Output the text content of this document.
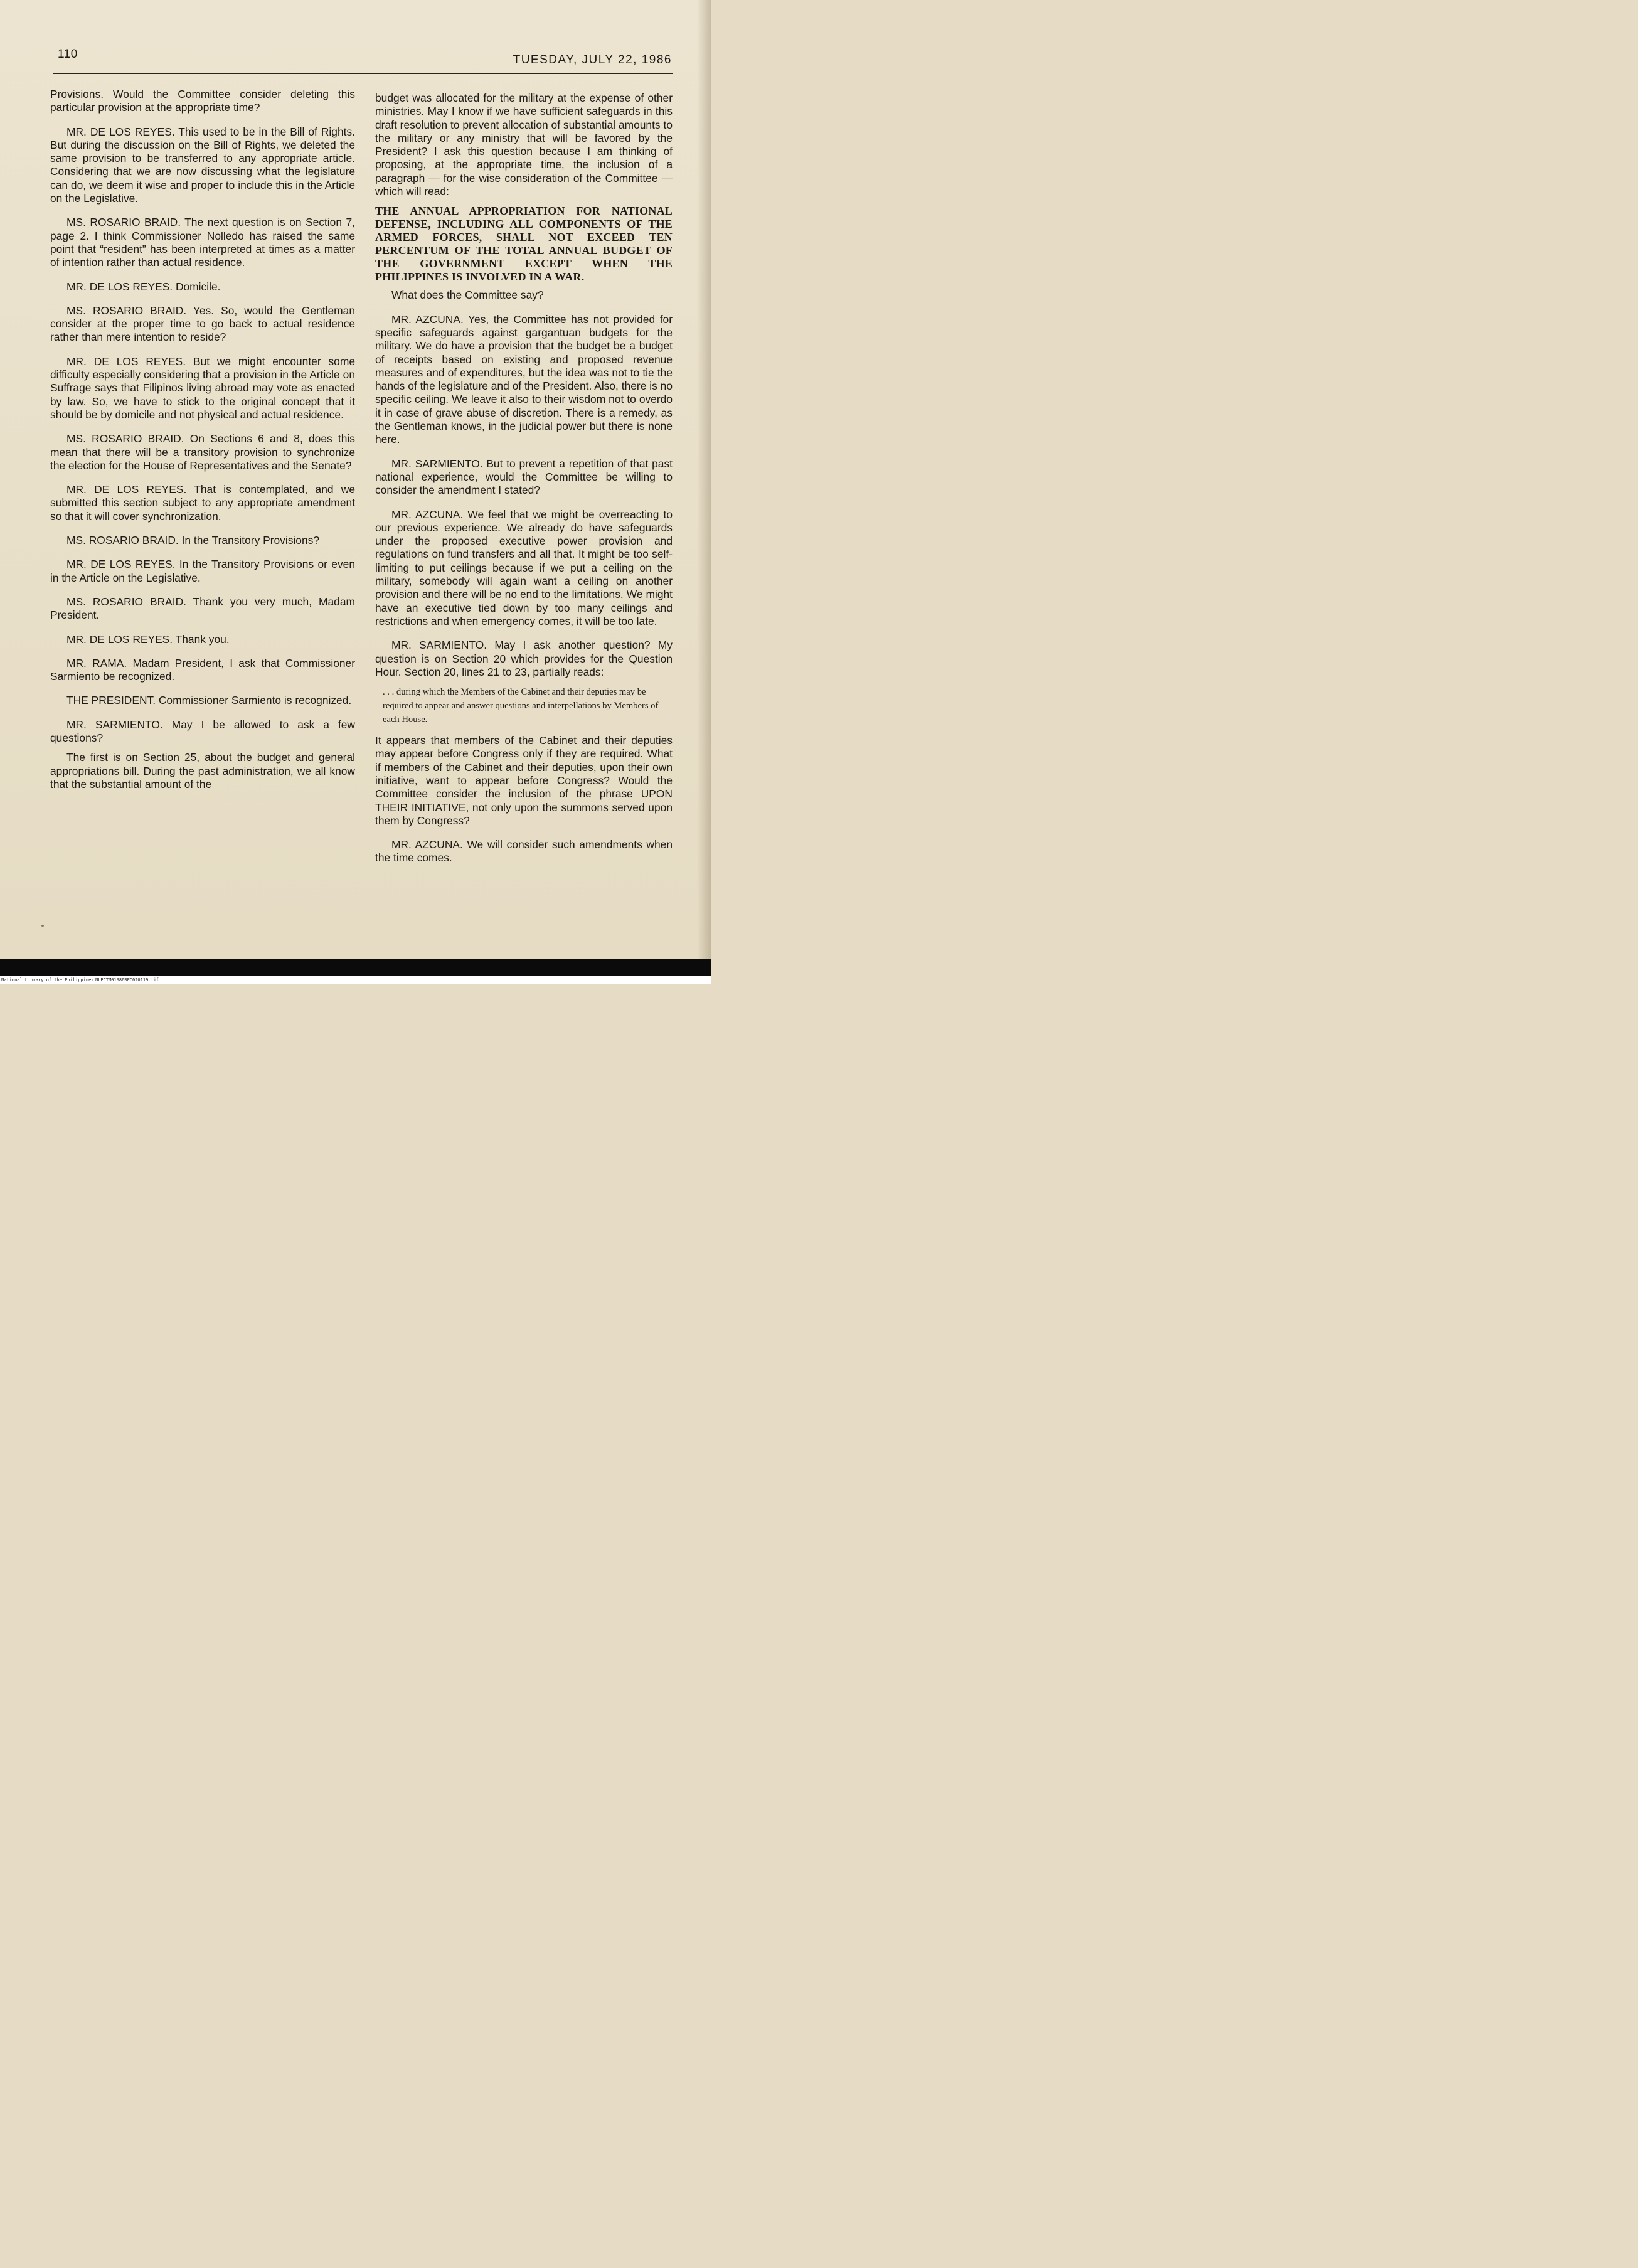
110	TUESDAY, JULY 22, 1986

Provisions. Would the Committee consider deleting this particular provision at the appropriate time?

MR. DE LOS REYES. This used to be in the Bill of Rights. But during the discussion on the Bill of Rights, we deleted the same provision to be transferred to any appropriate article. Considering that we are now discussing what the legislature can do, we deem it wise and proper to include this in the Article on the Legislative.

MS. ROSARIO BRAID. The next question is on Section 7, page 2. I think Commissioner Nolledo has raised the same point that “resident” has been interpreted at times as a matter of intention rather than actual residence.

MR. DE LOS REYES. Domicile.

MS. ROSARIO BRAID. Yes. So, would the Gentleman consider at the proper time to go back to actual residence rather than mere intention to reside?

MR. DE LOS REYES. But we might encounter some difficulty especially considering that a provision in the Article on Suffrage says that Filipinos living abroad may vote as enacted by law. So, we have to stick to the original concept that it should be by domicile and not physical and actual residence.

MS. ROSARIO BRAID. On Sections 6 and 8, does this mean that there will be a transitory provision to synchronize the election for the House of Representatives and the Senate?

MR. DE LOS REYES. That is contemplated, and we submitted this section subject to any appropriate amendment so that it will cover synchronization.

MS. ROSARIO BRAID. In the Transitory Provisions?

MR. DE LOS REYES. In the Transitory Provisions or even in the Article on the Legislative.

MS. ROSARIO BRAID. Thank you very much, Madam President.

MR. DE LOS REYES. Thank you.

MR. RAMA. Madam President, I ask that Commissioner Sarmiento be recognized.

THE PRESIDENT. Commissioner Sarmiento is recognized.

MR. SARMIENTO. May I be allowed to ask a few questions?

The first is on Section 25, about the budget and general appropriations bill. During the past administration, we all know that the substantial amount of the

budget was allocated for the military at the expense of other ministries. May I know if we have sufficient safeguards in this draft resolution to prevent allocation of substantial amounts to the military or any ministry that will be favored by the President? I ask this question because I am thinking of proposing, at the appropriate time, the inclusion of a paragraph — for the wise consideration of the Committee — which will read:

THE ANNUAL APPROPRIATION FOR NATIONAL DEFENSE, INCLUDING ALL COMPONENTS OF THE ARMED FORCES, SHALL NOT EXCEED TEN PERCENTUM OF THE TOTAL ANNUAL BUDGET OF THE GOVERNMENT EXCEPT WHEN THE PHILIPPINES IS INVOLVED IN A WAR.

What does the Committee say?

MR. AZCUNA. Yes, the Committee has not provided for specific safeguards against gargantuan budgets for the military. We do have a provision that the budget be a budget of receipts based on existing and proposed revenue measures and of expenditures, but the idea was not to tie the hands of the legislature and of the President. Also, there is no specific ceiling. We leave it also to their wisdom not to overdo it in case of grave abuse of discretion. There is a remedy, as the Gentleman knows, in the judicial power but there is none here.

MR. SARMIENTO. But to prevent a repetition of that past national experience, would the Committee be willing to consider the amendment I stated?

MR. AZCUNA. We feel that we might be overreacting to our previous experience. We already do have safeguards under the proposed executive power provision and regulations on fund transfers and all that. It might be too self-limiting to put ceilings because if we put a ceiling on the military, somebody will again want a ceiling on another provision and there will be no end to the limitations. We might have an executive tied down by too many ceilings and restrictions and when emergency comes, it will be too late.

MR. SARMIENTO. May I ask another question? My question is on Section 20 which provides for the Question Hour. Section 20, lines 21 to 23, partially reads:

. . . during which the Members of the Cabinet and their deputies may be required to appear and answer questions and interpellations by Members of each House.

It appears that members of the Cabinet and their deputies may appear before Congress only if they are required. What if members of the Cabinet and their deputies, upon their own initiative, want to appear before Congress? Would the Committee consider the inclusion of the phrase UPON THEIR INITIATIVE, not only upon the summons served upon them by Congress?

MR. AZCUNA. We will consider such amendments when the time comes.

National Library of the Philippines NLPCTM01986REC020119.tif
